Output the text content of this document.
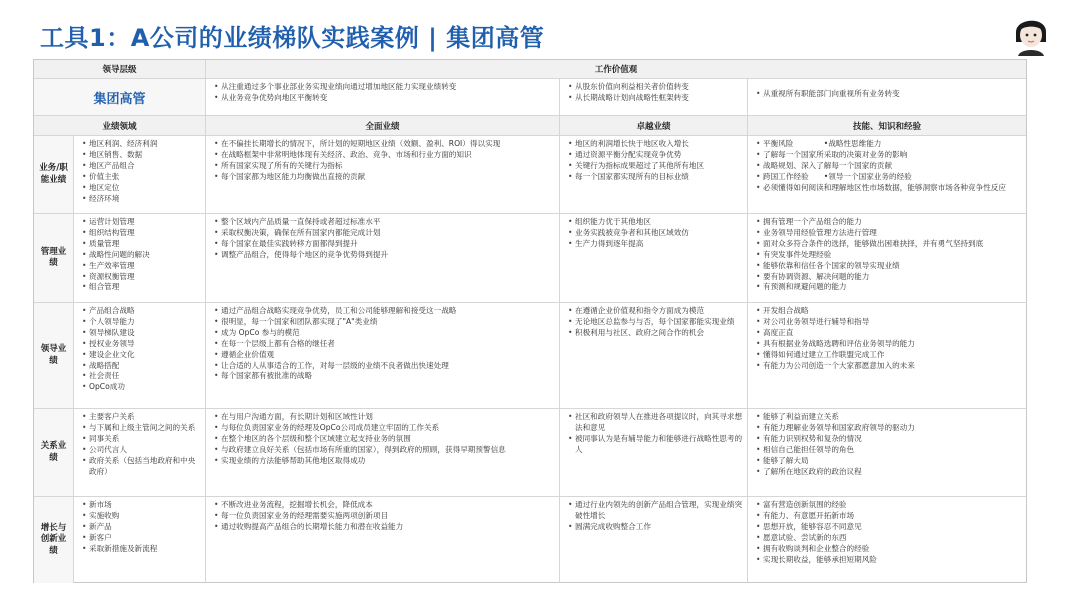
工具1：A公司的业绩梯队实践案例 | 集团高管
领导层级	工作价值观
集团高管
• 从注重通过多个事业部业务实现业绩向通过增加地区能力实现业绩转变
• 从业务竞争优势向地区平衡转变
• 从股东价值向利益相关者价值转变
• 从长期战略计划向战略性框架转变
•	从重视所有职能部门向重视所有业务转变
业绩领域	全面业绩	卓越业绩	技能、知识和经验
业务/职能业绩
• 地区利润、经济利润
• 地区销售、数据
• 地区产品组合
• 价值主张
• 地区定位
• 经济环境
• 在不偏挂长期增长的情况下，所计划的短期地区业绩（效额、盈利、ROI）得以实现
• 在战略框架中非常明地体现有关经济、政治、竞争、市场和行业方面的知识
• 所有国家实现了所有的关键行为指标
• 每个国家都为地区能力均衡做出直接的贡献
• 地区的利润增长快于地区收入增长
• 通过资源平衡分配实现竞争优势
• 关键行为指标成果超过了其他所有地区
• 每一个国家都实现所有的目标业绩
• 平衡风险　　　　•战略性思维能力
• 了解每一个国家所采取的决策对业务的影响
• 战略规划、深入了解每一个国家的贡献
• 跨国工作经验　　•领导一个国家业务的经验
• 必须懂得如何阅读和理解地区性市场数据，能够洞察市场各种竞争性反应
管理业绩
• 运营计划管理
• 组织结构管理
• 质量管理
• 战略性问题的解决
• 生产效率管理
• 资源权衡管理
• 组合管理
• 整个区域内产品质量一直保持或者超过标准水平
• 采取权衡决策，确保在所有国家内都能完成计划
• 每个国家在最佳实践转移方面都得到提升
• 调整产品组合，使得每个地区的竞争优势得到提升
• 组织能力优于其他地区
• 业务实践被竞争者和其他区域效仿
• 生产力得到逐年提高
• 拥有管理一个产品组合的能力
• 业务领导用经验管理方法进行管理
• 面对众多符合条件的选择，能够做出困难抉择，并有勇气坚持到底
• 有突发事件处理经验
• 能够依靠和信任各个国家的领导实现业绩
• 要有协调资源、解决问题的能力
• 有预测和规避问题的能力
领导业绩
• 产品组合战略
• 个人领导能力
• 领导梯队建设
• 授权业务领导
• 建设企业文化
• 战略搭配
• 社会责任
• OpCo成功
• 通过产品组合战略实现竞争优势，员工和公司能够理解和接受这一战略
• 很明显，每一个国家和团队都实现了"A"类业绩
• 成为 OpCo 参与的模范
• 在每一个层级上都有合格的继任者
• 遵循企业价值观
• 让合适的人从事适合的工作，对每一层级的业绩不良者做出快速处理
• 每个国家都有被批准的战略
• 在遵循企业价值观和指令方面成为模范
• 无论地区总监参与与否，每个国家都能实现业绩
• 积极利用与社区、政府之间合作的机会
• 开发组合战略
• 对公司业务领导进行辅导和指导
• 高度正直
• 具有根据业务战略选聘和评估业务领导的能力
• 懂得如何通过建立工作联盟完成工作
• 有能力为公司创造一个大家都愿意加入的未来
关系业绩
• 主要客户关系
• 与下属和上级主管间之间的关系
• 同事关系
• 公司代言人
• 政府关系（包括当地政府和中央政府）
• 在与用户沟通方面，有长期计划和区域性计划
• 与每位负责国家业务的经理及OpCo公司成员建立牢固的工作关系
• 在整个地区的各个层级和整个区域建立起支持业务的氛围
• 与政府建立良好关系（包括市场有所重的国家），得到政府的照顾，获得早期预警信息
• 实现业绩的方法能够帮助其他地区取得成功
• 社区和政府领导人在推进各项提议时，向其寻求想法和意见
• 被同事认为是有辅导能力和能够进行战略性思考的人
• 能够了利益而建立关系
• 有能力理解业务领导和国家政府领导的驱动力
• 有能力识别权势和复杂的情况
• 相信自己能担任领导的角色
• 能够了解大局
• 了解所在地区政府的政治议程
增长与创新业绩
• 新市场
• 实施收购
• 新产品
• 新客户
• 采取新措施及新流程
• 不断改进业务流程，挖掘增长机会，降低成本
• 每一位负责国家业务的经理需要实施两项创新项目
• 通过收购提高产品组合的长期增长能力和潜在收益能力
• 通过行业内领先的创新产品组合管理，实现业绩突破性增长
• 圆满完成收购整合工作
• 富有营造创新氛围的经验
• 有能力、有意愿开拓新市场
• 思想开放，能够容忍不同意见
• 愿意试验、尝试新的东西
• 拥有收购谈判和企业整合的经验
• 实现长期收益，能够承担短期风险
